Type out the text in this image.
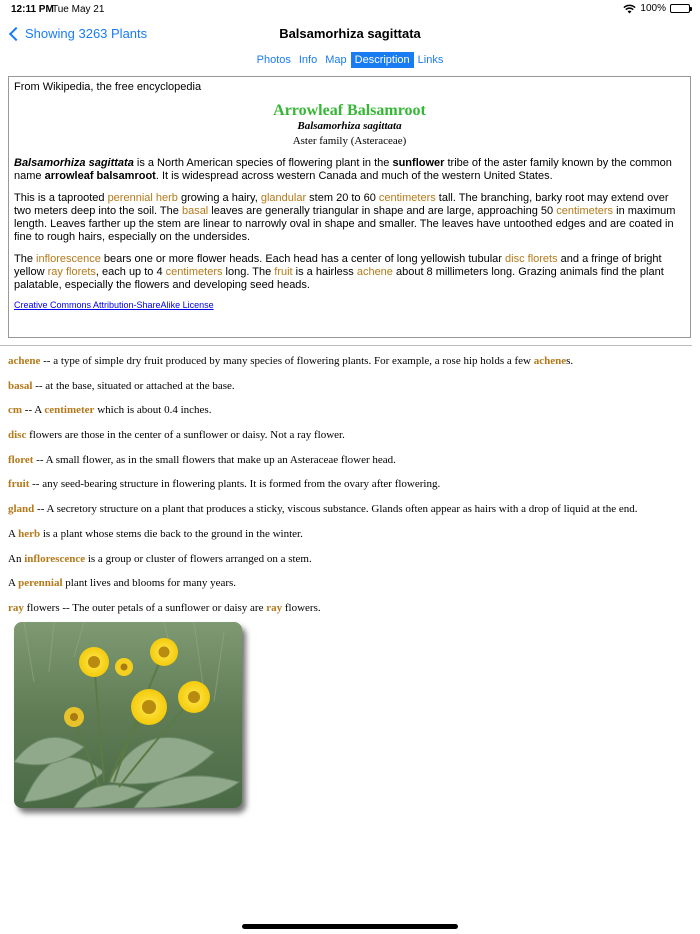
12:11 PM
Tue May 21	100%
Showing 3263 Plants	Balsamorhiza sagittata
Photos Info Map Description Links
From Wikipedia, the free encyclopedia
Arrowleaf Balsamroot
Balsamorhiza sagittata
Aster family (Asteraceae)

Balsamorhiza sagittata is a North American species of flowering plant in the sunflower tribe of the aster family known by the common name arrowleaf balsamroot. It is widespread across western Canada and much of the western United States.

This is a taprooted perennial herb growing a hairy, glandular stem 20 to 60 centimeters tall. The branching, barky root may extend over two meters deep into the soil. The basal leaves are generally triangular in shape and are large, approaching 50 centimeters in maximum length. Leaves farther up the stem are linear to narrowly oval in shape and smaller. The leaves have untoothed edges and are coated in fine to rough hairs, especially on the undersides.

The inflorescence bears one or more flower heads. Each head has a center of long yellowish tubular disc florets and a fringe of bright yellow ray florets, each up to 4 centimeters long. The fruit is a hairless achene about 8 millimeters long. Grazing animals find the plant palatable, especially the flowers and developing seed heads.

Creative Commons Attribution-ShareAlike License
achene -- a type of simple dry fruit produced by many species of flowering plants. For example, a rose hip holds a few achenes.
basal -- at the base, situated or attached at the base.
cm -- A centimeter which is about 0.4 inches.
disc flowers are those in the center of a sunflower or daisy. Not a ray flower.
floret -- A small flower, as in the small flowers that make up an Asteraceae flower head.
fruit -- any seed-bearing structure in flowering plants. It is formed from the ovary after flowering.
gland -- A secretory structure on a plant that produces a sticky, viscous substance. Glands often appear as hairs with a drop of liquid at the end.
A herb is a plant whose stems die back to the ground in the winter.
An inflorescence is a group or cluster of flowers arranged on a stem.
A perennial plant lives and blooms for many years.
ray flowers -- The outer petals of a sunflower or daisy are ray flowers.
